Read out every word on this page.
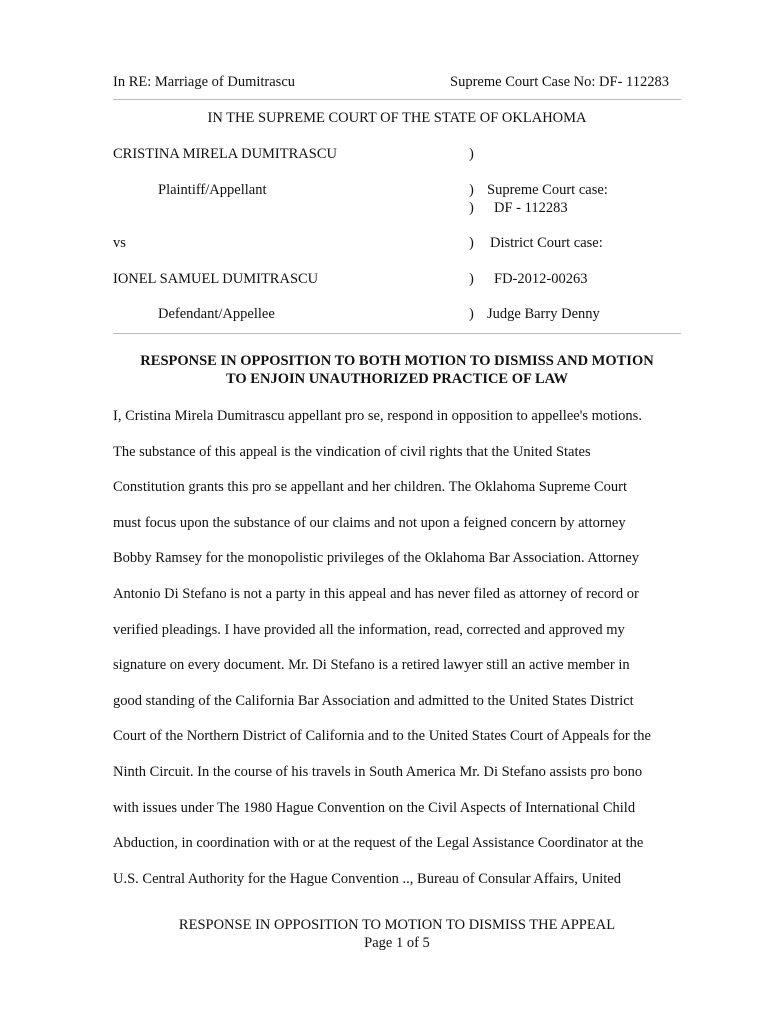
In RE: Marriage of Dumitrascu	Supreme Court Case No: DF- 112283
IN THE SUPREME COURT OF THE STATE OF OKLAHOMA
CRISTINA MIRELA DUMITRASCU	)
Plaintiff/Appellant	) Supreme Court case:
) DF - 112283
vs	) District Court case:
IONEL SAMUEL DUMITRASCU	) FD-2012-00263
Defendant/Appellee	) Judge Barry Denny
RESPONSE IN OPPOSITION TO BOTH MOTION TO DISMISS AND MOTION
TO ENJOIN UNAUTHORIZED PRACTICE OF LAW
I, Cristina Mirela Dumitrascu appellant pro se, respond in opposition to appellee's motions.
The substance of this appeal is the vindication of civil rights that the United States
Constitution grants this pro se appellant and her children. The Oklahoma Supreme Court
must focus upon the substance of our claims and not upon a feigned concern by attorney
Bobby Ramsey for the monopolistic privileges of the Oklahoma Bar Association. Attorney
Antonio Di Stefano is not a party in this appeal and has never filed as attorney of record or
verified pleadings. I have provided all the information, read, corrected and approved my
signature on every document. Mr. Di Stefano is a retired lawyer still an active member in
good standing of the California Bar Association and admitted to the United States District
Court of the Northern District of California and to the United States Court of Appeals for the
Ninth Circuit. In the course of his travels in South America Mr. Di Stefano assists pro bono
with issues under The 1980 Hague Convention on the Civil Aspects of International Child
Abduction, in coordination with or at the request of the Legal Assistance Coordinator at the
U.S. Central Authority for the Hague Convention .., Bureau of Consular Affairs, United
RESPONSE IN OPPOSITION TO MOTION TO DISMISS THE APPEAL
Page 1 of 5
